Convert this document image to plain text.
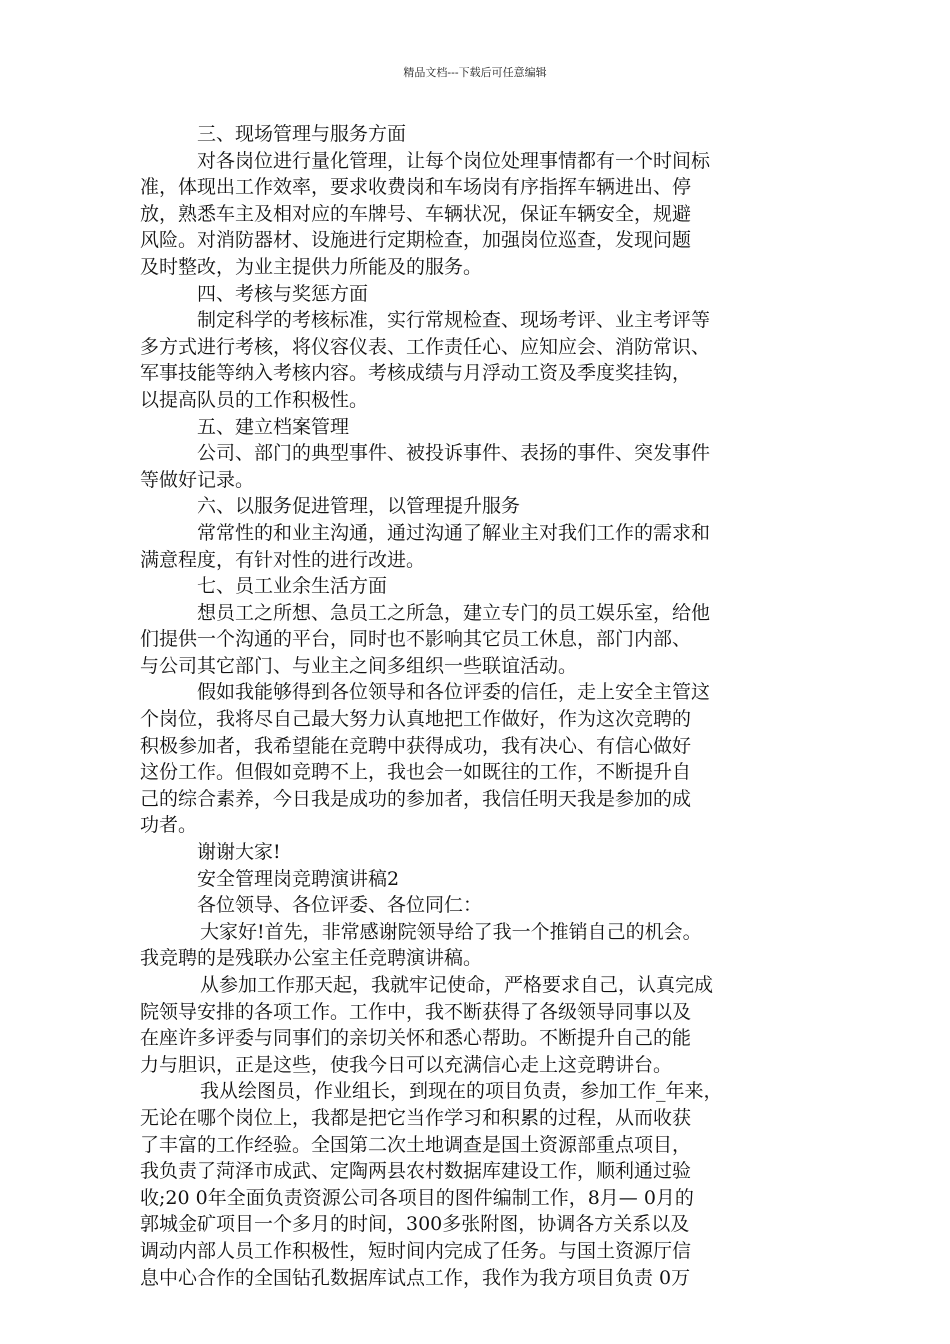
精品文档---下载后可任意编辑
三、现场管理与服务方面
对各岗位进行量化管理，让每个岗位处理事情都有一个时间标
准，体现出工作效率，要求收费岗和车场岗有序指挥车辆进出、停
放，熟悉车主及相对应的车牌号、车辆状况，保证车辆安全，规避
风险。对消防器材、设施进行定期检查，加强岗位巡查，发现问题
及时整改，为业主提供力所能及的服务。
四、考核与奖惩方面
制定科学的考核标准，实行常规检查、现场考评、业主考评等
多方式进行考核，将仪容仪表、工作责任心、应知应会、消防常识、
军事技能等纳入考核内容。考核成绩与月浮动工资及季度奖挂钩，
以提高队员的工作积极性。
五、建立档案管理
公司、部门的典型事件、被投诉事件、表扬的事件、突发事件
等做好记录。
六、以服务促进管理，以管理提升服务
常常性的和业主沟通，通过沟通了解业主对我们工作的需求和
满意程度，有针对性的进行改进。
七、员工业余生活方面
想员工之所想、急员工之所急，建立专门的员工娱乐室，给他
们提供一个沟通的平台，同时也不影响其它员工休息，部门内部、
与公司其它部门、与业主之间多组织一些联谊活动。
假如我能够得到各位领导和各位评委的信任，走上安全主管这
个岗位，我将尽自己最大努力认真地把工作做好，作为这次竞聘的
积极参加者，我希望能在竞聘中获得成功，我有决心、有信心做好
这份工作。但假如竞聘不上，我也会一如既往的工作，不断提升自
己的综合素养，今日我是成功的参加者，我信任明天我是参加的成
功者。
谢谢大家!
安全管理岗竞聘演讲稿2
各位领导、各位评委、各位同仁：
大家好!首先，非常感谢院领导给了我一个推销自己的机会。
我竞聘的是残联办公室主任竞聘演讲稿。
从参加工作那天起，我就牢记使命，严格要求自己，认真完成
院领导安排的各项工作。工作中，我不断获得了各级领导同事以及
在座许多评委与同事们的亲切关怀和悉心帮助。不断提升自己的能
力与胆识，正是这些，使我今日可以充满信心走上这竞聘讲台。
我从绘图员，作业组长，到现在的项目负责，参加工作_年来，
无论在哪个岗位上，我都是把它当作学习和积累的过程，从而收获
了丰富的工作经验。全国第二次土地调查是国土资源部重点项目，
我负责了菏泽市成武、定陶两县农村数据库建设工作，顺利通过验
收;20 0年全面负责资源公司各项目的图件编制工作，8月— 0月的
郭城金矿项目一个多月的时间，300多张附图，协调各方关系以及
调动内部人员工作积极性，短时间内完成了任务。与国土资源厅信
息中心合作的全国钻孔数据库试点工作，我作为我方项目负责 0万
